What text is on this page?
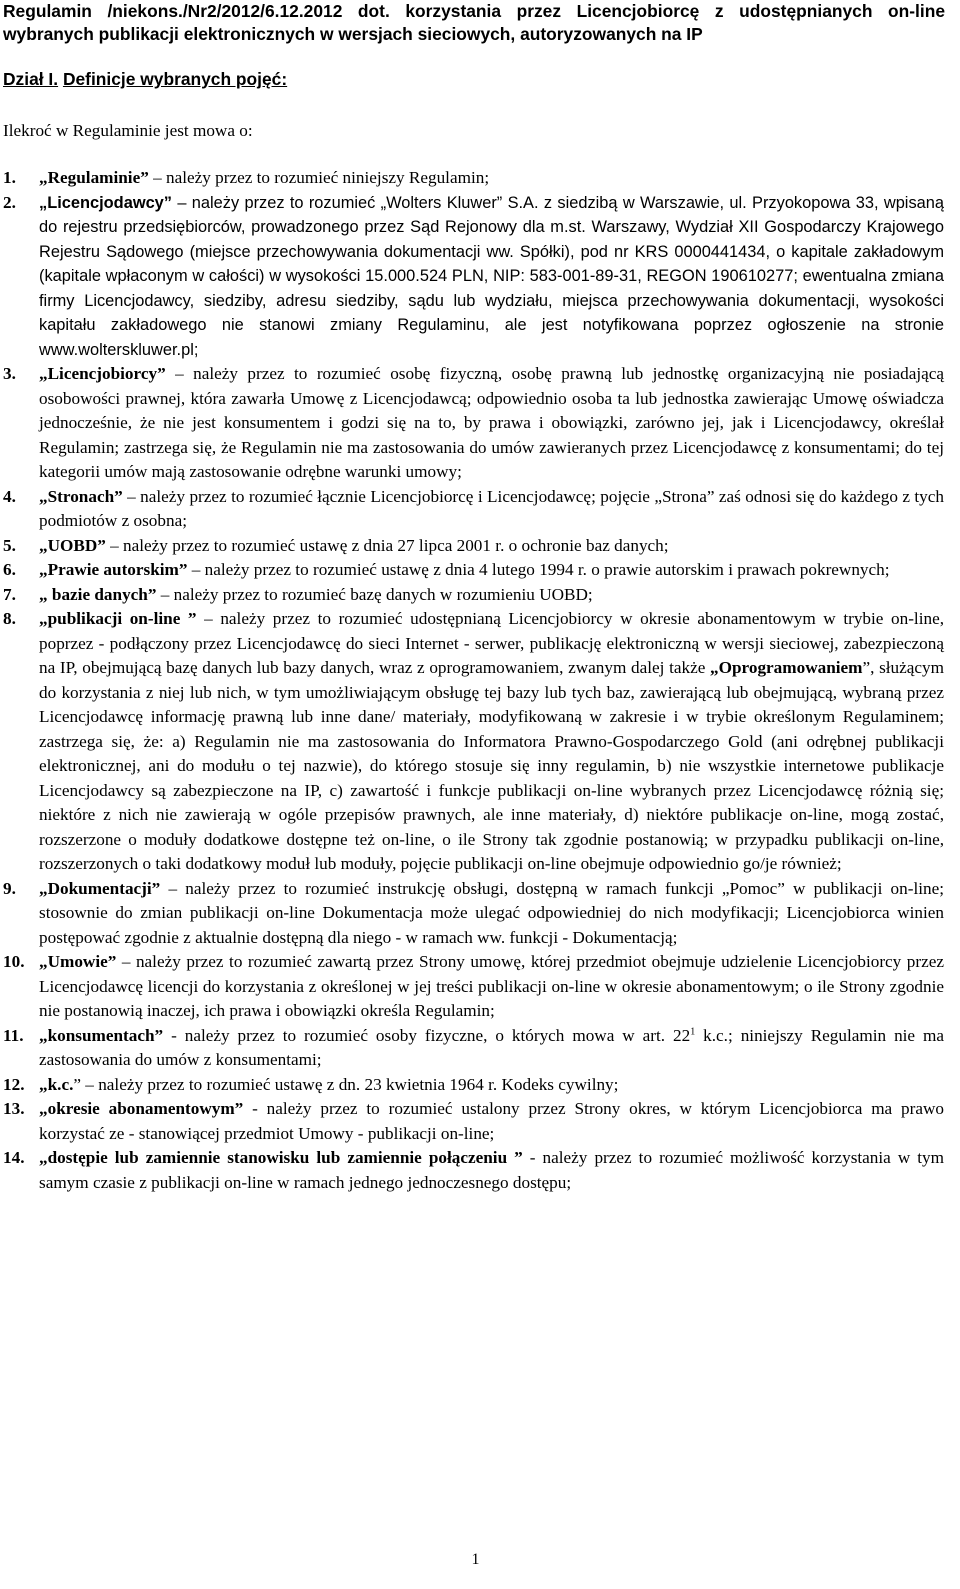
Regulamin /niekons./Nr2/2012/6.12.2012 dot. korzystania przez Licencjobiorcę z udostępnianych on-line wybranych publikacji elektronicznych w wersjach sieciowych, autoryzowanych na IP
Dział I. Definicje wybranych pojęć:
Ilekroć w Regulaminie jest mowa o:
1. „Regulaminie” – należy przez to rozumieć niniejszy Regulamin;
2. „Licencjodawcy” – należy przez to rozumieć „Wolters Kluwer” S.A. z siedzibą w Warszawie, ul. Przyokopowa 33, wpisaną do rejestru przedsiębiorców, prowadzonego przez Sąd Rejonowy dla m.st. Warszawy, Wydział XII Gospodarczy Krajowego Rejestru Sądowego (miejsce przechowywania dokumentacji ww. Spółki), pod nr KRS 0000441434, o kapitale zakładowym (kapitale wpłaconym w całości) w wysokości 15.000.524 PLN, NIP: 583-001-89-31, REGON 190610277; ewentualna zmiana firmy Licencjodawcy, siedziby, adresu siedziby, sądu lub wydziału, miejsca przechowywania dokumentacji, wysokości kapitału zakładowego nie stanowi zmiany Regulaminu, ale jest notyfikowana poprzez ogłoszenie na stronie www.wolterskluwer.pl;
3. „Licencjobiorcy” – należy przez to rozumieć osobę fizyczną, osobę prawną lub jednostkę organizacyjną nie posiadającą osobowości prawnej, która zawarła Umowę z Licencjodawcą; odpowiednio osoba ta lub jednostka zawierając Umowę oświadcza jednocześnie, że nie jest konsumentem i godzi się na to, by prawa i obowiązki, zarówno jej, jak i Licencjodawcy, określał Regulamin; zastrzega się, że Regulamin nie ma zastosowania do umów zawieranych przez Licencjodawcę z konsumentami; do tej kategorii umów mają zastosowanie odrębne warunki umowy;
4. „Stronach” – należy przez to rozumieć łącznie Licencjobiorcę i Licencjodawcę; pojęcie „Strona” zaś odnosi się do każdego z tych podmiotów z osobna;
5. „UOBD” – należy przez to rozumieć ustawę z dnia 27 lipca 2001 r. o ochronie baz danych;
6. „Prawie autorskim” – należy przez to rozumieć ustawę z dnia 4 lutego 1994 r. o prawie autorskim i prawach pokrewnych;
7. „ bazie danych” – należy przez to rozumieć bazę danych w rozumieniu UOBD;
8. „publikacji on-line ” – należy przez to rozumieć udostępnianą Licencjobiorcy w okresie abonamentowym w trybie on-line, poprzez - podłączony przez Licencjodawcę do sieci Internet - serwer, publikację elektroniczną w wersji sieciowej, zabezpieczoną na IP, obejmującą bazę danych lub bazy danych, wraz z oprogramowaniem, zwanym dalej także „Oprogramowaniem”, służącym do korzystania z niej lub nich, w tym umożliwiającym obsługę tej bazy lub tych baz, zawierającą lub obejmującą, wybraną przez Licencjodawcę informację prawną lub inne dane/ materiały, modyfikowaną w zakresie i w trybie określonym Regulaminem; zastrzega się, że: a) Regulamin nie ma zastosowania do Informatora Prawno-Gospodarczego Gold (ani odrębnej publikacji elektronicznej, ani do modułu o tej nazwie), do którego stosuje się inny regulamin, b) nie wszystkie internetowe publikacje Licencjodawcy są zabezpieczone na IP, c) zawartość i funkcje publikacji on-line wybranych przez Licencjodawcę różnią się; niektóre z nich nie zawierają w ogóle przepisów prawnych, ale inne materiały, d) niektóre publikacje on-line, mogą zostać, rozszerzone o moduły dodatkowe dostępne też on-line, o ile Strony tak zgodnie postanowią; w przypadku publikacji on-line, rozszerzonych o taki dodatkowy moduł lub moduły, pojęcie publikacji on-line obejmuje odpowiednio go/je również;
9. „Dokumentacji” – należy przez to rozumieć instrukcję obsługi, dostępną w ramach funkcji „Pomoc” w publikacji on-line; stosownie do zmian publikacji on-line Dokumentacja może ulegać odpowiedniej do nich modyfikacji; Licencjobiorca winien postępować zgodnie z aktualnie dostępną dla niego - w ramach ww. funkcji - Dokumentacją;
10. „Umowie” – należy przez to rozumieć zawartą przez Strony umowę, której przedmiot obejmuje udzielenie Licencjobiorcy przez Licencjodawcę licencji do korzystania z określonej w jej treści publikacji on-line w okresie abonamentowym; o ile Strony zgodnie nie postanowią inaczej, ich prawa i obowiązki określa Regulamin;
11. „konsumentach” - należy przez to rozumieć osoby fizyczne, o których mowa w art. $22^1$ k.c.; niniejszy Regulamin nie ma zastosowania do umów z konsumentami;
12. „k.c.” – należy przez to rozumieć ustawę z dn. 23 kwietnia 1964 r. Kodeks cywilny;
13. „okresie abonamentowym” - należy przez to rozumieć ustalony przez Strony okres, w którym Licencjobiorca ma prawo korzystać ze - stanowiącej przedmiot Umowy - publikacji on-line;
14. „dostępie lub zamiennie stanowisku lub zamiennie połączeniu ” - należy przez to rozumieć możliwość korzystania w tym samym czasie z publikacji on-line w ramach jednego jednoczesnego dostępu;
1
